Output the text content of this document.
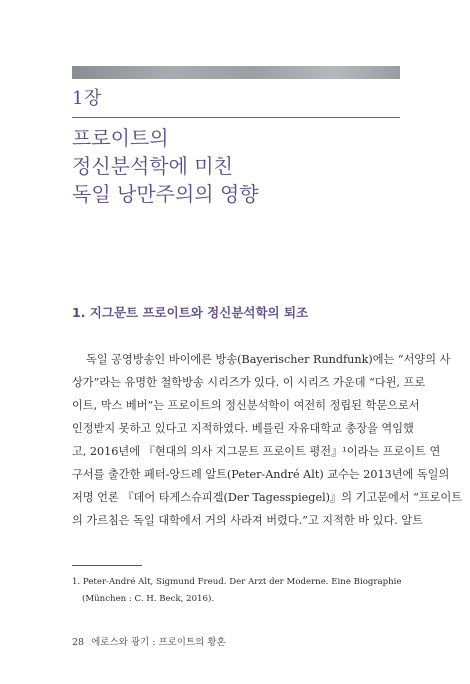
1장
프로이트의
정신분석학에 미친
독일 낭만주의의 영향
1. 지그문트 프로이트와 정신분석학의 퇴조
독일 공영방송인 바이에른 방송(Bayerischer Rundfunk)에는 “서양의 사
상가”라는 유명한 철학방송 시리즈가 있다. 이 시리즈 가운데 “다윈, 프로
이트, 막스 베버”는 프로이트의 정신분석학이 여전히 정립된 학문으로서
인정받지 못하고 있다고 지적하였다. 베를린 자유대학교 총장을 역임했
고, 2016년에 『현대의 의사 지그문트 프로이트 평전』¹이라는 프로이트 연
구서를 출간한 페터-앙드레 알트(Peter-André Alt) 교수는 2013년에 독일의
저명 언론 『데어 타게스슈피겔(Der Tagesspiegel)』의 기고문에서 “프로이트
의 가르침은 독일 대학에서 거의 사라져 버렸다.”고 지적한 바 있다. 알트
1. Peter-André Alt, Sigmund Freud. Der Arzt der Moderne. Eine Biographie
(München : C. H. Beck, 2016).
28 에로스와 광기 : 프로이트의 황혼
